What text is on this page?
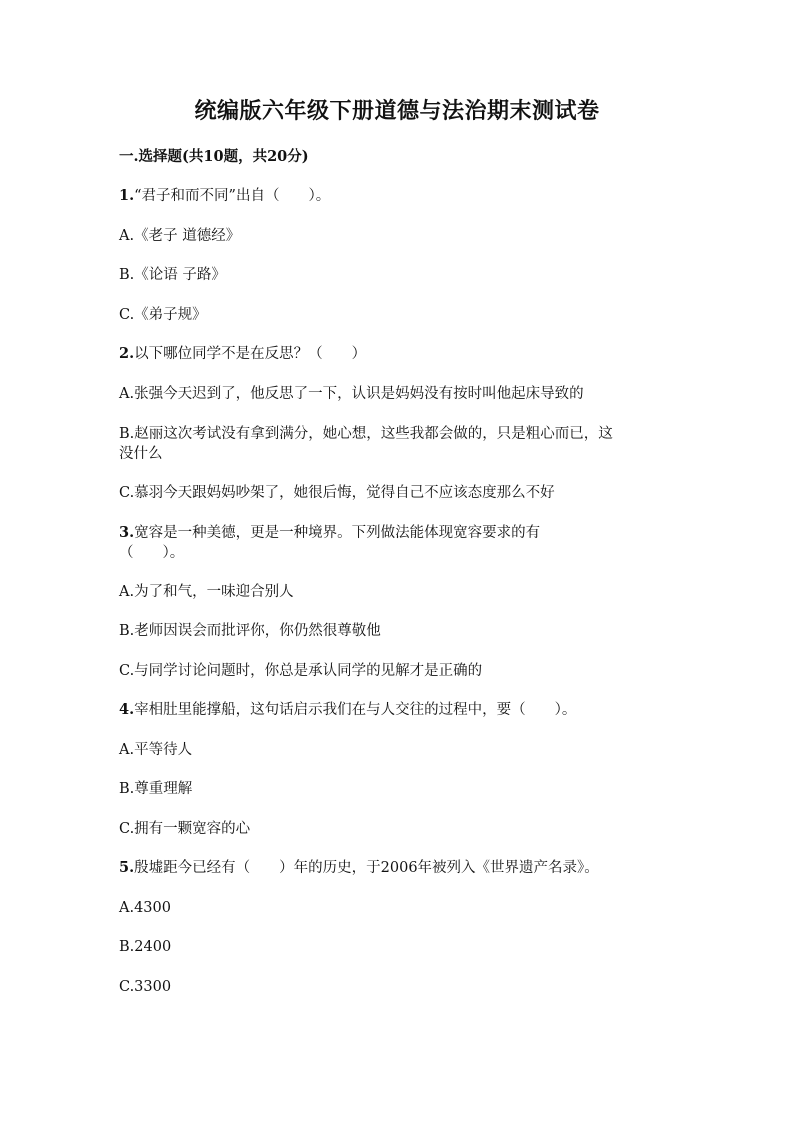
统编版六年级下册道德与法治期末测试卷
一.选择题(共10题，共20分)
1.“君子和而不同”出自（　　）。
A.《老子 道德经》
B.《论语 子路》
C.《弟子规》
2.以下哪位同学不是在反思？（　　）
A.张强今天迟到了，他反思了一下，认识是妈妈没有按时叫他起床导致的
B.赵丽这次考试没有拿到满分，她心想，这些我都会做的，只是粗心而已，这
没什么
C.慕羽今天跟妈妈吵架了，她很后悔，觉得自己不应该态度那么不好
3.宽容是一种美德，更是一种境界。下列做法能体现宽容要求的有
（　　）。
A.为了和气，一味迎合别人
B.老师因误会而批评你，你仍然很尊敬他
C.与同学讨论问题时，你总是承认同学的见解才是正确的
4.宰相肚里能撑船，这句话启示我们在与人交往的过程中，要（　　）。
A.平等待人
B.尊重理解
C.拥有一颗宽容的心
5.殷墟距今已经有（　　）年的历史，于2006年被列入《世界遗产名录》。
A.4300
B.2400
C.3300
